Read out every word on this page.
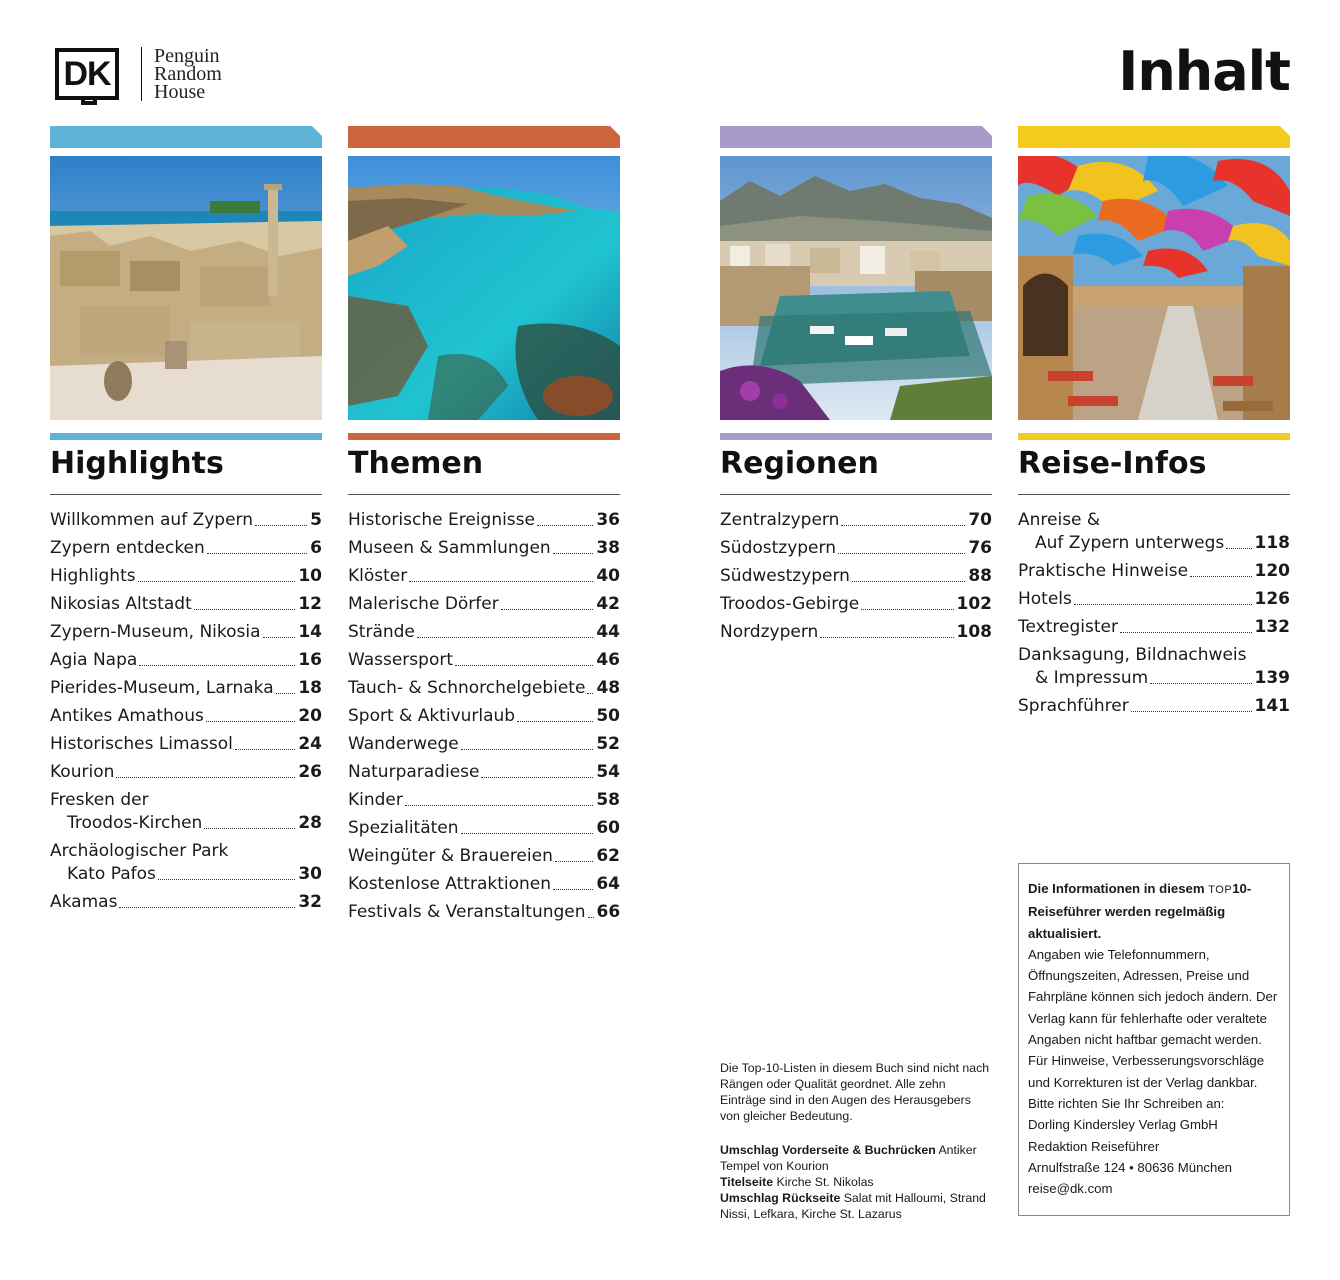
DK	Penguin
Random
House	Inhalt
Highlights
Willkommen auf Zypern	5
Zypern entdecken	6
Highlights	10
Nikosias Altstadt	12
Zypern-Museum, Nikosia 14
Agia Napa	16
Pierides-Museum, Larnaka 18
Antikes Amathous	20
Historisches Limassol	24
Kourion	26
Fresken der
Troodos-Kirchen	28
Archäologischer Park
Kato Pafos	30
Akamas	32
Themen
Historische Ereignisse	36
Museen & Sammlungen	38
Klöster	40
Malerische Dörfer	42
Strände	44
Wassersport	46
Tauch- & Schnorchelgebiete 48
Sport & Aktivurlaub	50
Wanderwege	52
Naturparadiese	54
Kinder	58
Spezialitäten	60
Weingüter & Brauereien	62
Kostenlose Attraktionen	64
Festivals & Veranstaltungen 66
Regionen
Zentralzypern	70
Südostzypern	76
Südwestzypern	88
Troodos-Gebirge	102
Nordzypern	108
Reise-Infos
Anreise &
Auf Zypern unterwegs 118
Praktische Hinweise	120
Hotels	126
Textregister	132
Danksagung, Bildnachweis
& Impressum	139
Sprachführer	141
Die Top-10-Listen in diesem Buch sind nicht nach Rängen oder Qualität geordnet. Alle zehn Einträge sind in den Augen des Herausgebers von gleicher Bedeutung.
Umschlag Vorderseite & Buchrücken Antiker Tempel von Kourion
Titelseite Kirche St. Nikolas
Umschlag Rückseite Salat mit Halloumi, Strand Nissi, Lefkara, Kirche St. Lazarus
Die Informationen in diesem TOP10-Reiseführer werden regelmäßig aktualisiert.
Angaben wie Telefonnummern, Öffnungszeiten, Adressen, Preise und Fahrpläne können sich jedoch ändern. Der Verlag kann für fehlerhafte oder veraltete Angaben nicht haftbar gemacht werden. Für Hinweise, Verbesserungsvorschläge und Korrekturen ist der Verlag dankbar. Bitte richten Sie Ihr Schreiben an:
Dorling Kindersley Verlag GmbH
Redaktion Reiseführer
Arnulfstraße 124 • 80636 München
reise@dk.com
